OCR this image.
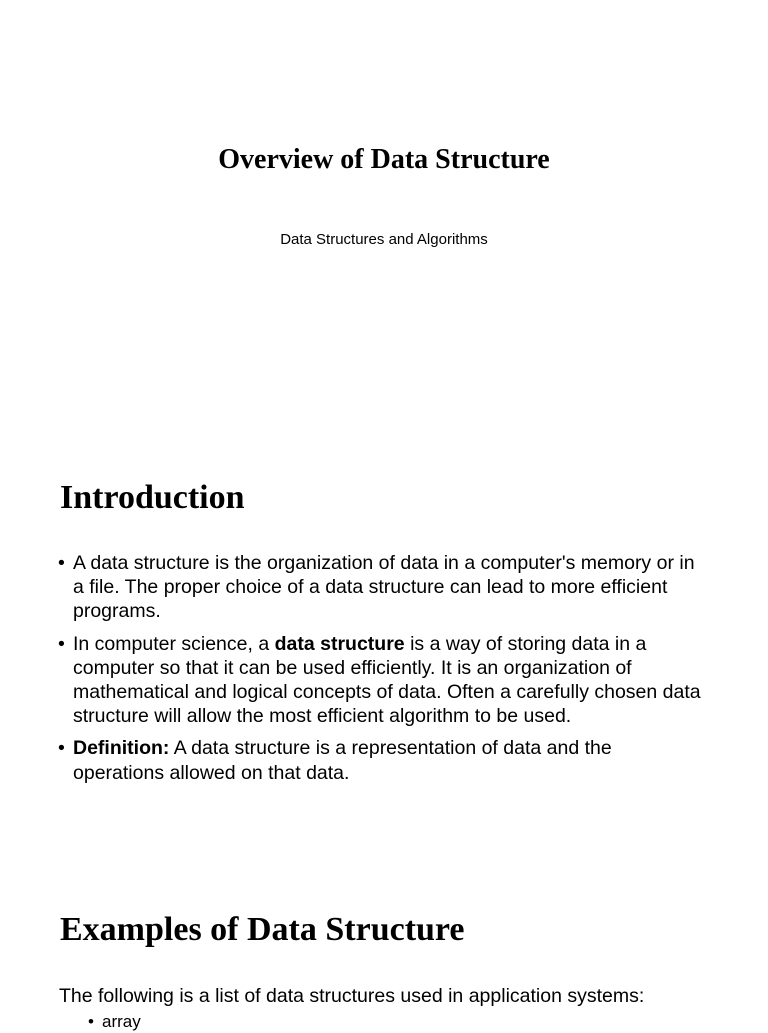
Overview of Data Structure

Data Structures and Algorithms

Introduction
• A data structure is the organization of data in a computer's memory or in a file. The proper choice of a data structure can lead to more efficient programs.
• In computer science, a data structure is a way of storing data in a computer so that it can be used efficiently. It is an organization of mathematical and logical concepts of data. Often a carefully chosen data structure will allow the most efficient algorithm to be used.
• Definition: A data structure is a representation of data and the operations allowed on that data.
Examples of Data Structure

The following is a list of data structures used in application systems:

• array
